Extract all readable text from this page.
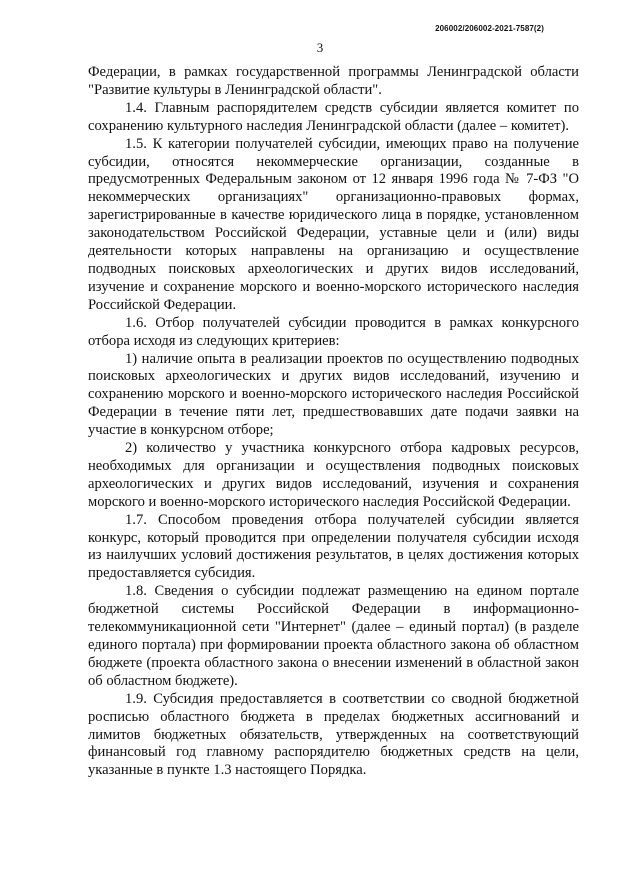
206002/206002-2021-7587(2)
3

Федерации, в рамках государственной программы Ленинградской области "Развитие культуры в Ленинградской области".

1.4. Главным распорядителем средств субсидии является комитет по сохранению культурного наследия Ленинградской области (далее – комитет).

1.5. К категории получателей субсидии, имеющих право на получение субсидии, относятся некоммерческие организации, созданные в предусмотренных Федеральным законом от 12 января 1996 года № 7-ФЗ "О некоммерческих организациях" организационно-правовых формах, зарегистрированные в качестве юридического лица в порядке, установленном законодательством Российской Федерации, уставные цели и (или) виды деятельности которых направлены на организацию и осуществление подводных поисковых археологических и других видов исследований, изучение и сохранение морского и военно-морского исторического наследия Российской Федерации.

1.6. Отбор получателей субсидии проводится в рамках конкурсного отбора исходя из следующих критериев:

1) наличие опыта в реализации проектов по осуществлению подводных поисковых археологических и других видов исследований, изучению и сохранению морского и военно-морского исторического наследия Российской Федерации в течение пяти лет, предшествовавших дате подачи заявки на участие в конкурсном отборе;

2) количество у участника конкурсного отбора кадровых ресурсов, необходимых для организации и осуществления подводных поисковых археологических и других видов исследований, изучения и сохранения морского и военно-морского исторического наследия Российской Федерации.

1.7. Способом проведения отбора получателей субсидии является конкурс, который проводится при определении получателя субсидии исходя из наилучших условий достижения результатов, в целях достижения которых предоставляется субсидия.

1.8. Сведения о субсидии подлежат размещению на едином портале бюджетной системы Российской Федерации в информационно-телекоммуникационной сети "Интернет" (далее – единый портал) (в разделе единого портала) при формировании проекта областного закона об областном бюджете (проекта областного закона о внесении изменений в областной закон об областном бюджете).

1.9. Субсидия предоставляется в соответствии со сводной бюджетной росписью областного бюджета в пределах бюджетных ассигнований и лимитов бюджетных обязательств, утвержденных на соответствующий финансовый год главному распорядителю бюджетных средств на цели, указанные в пункте 1.3 настоящего Порядка.
